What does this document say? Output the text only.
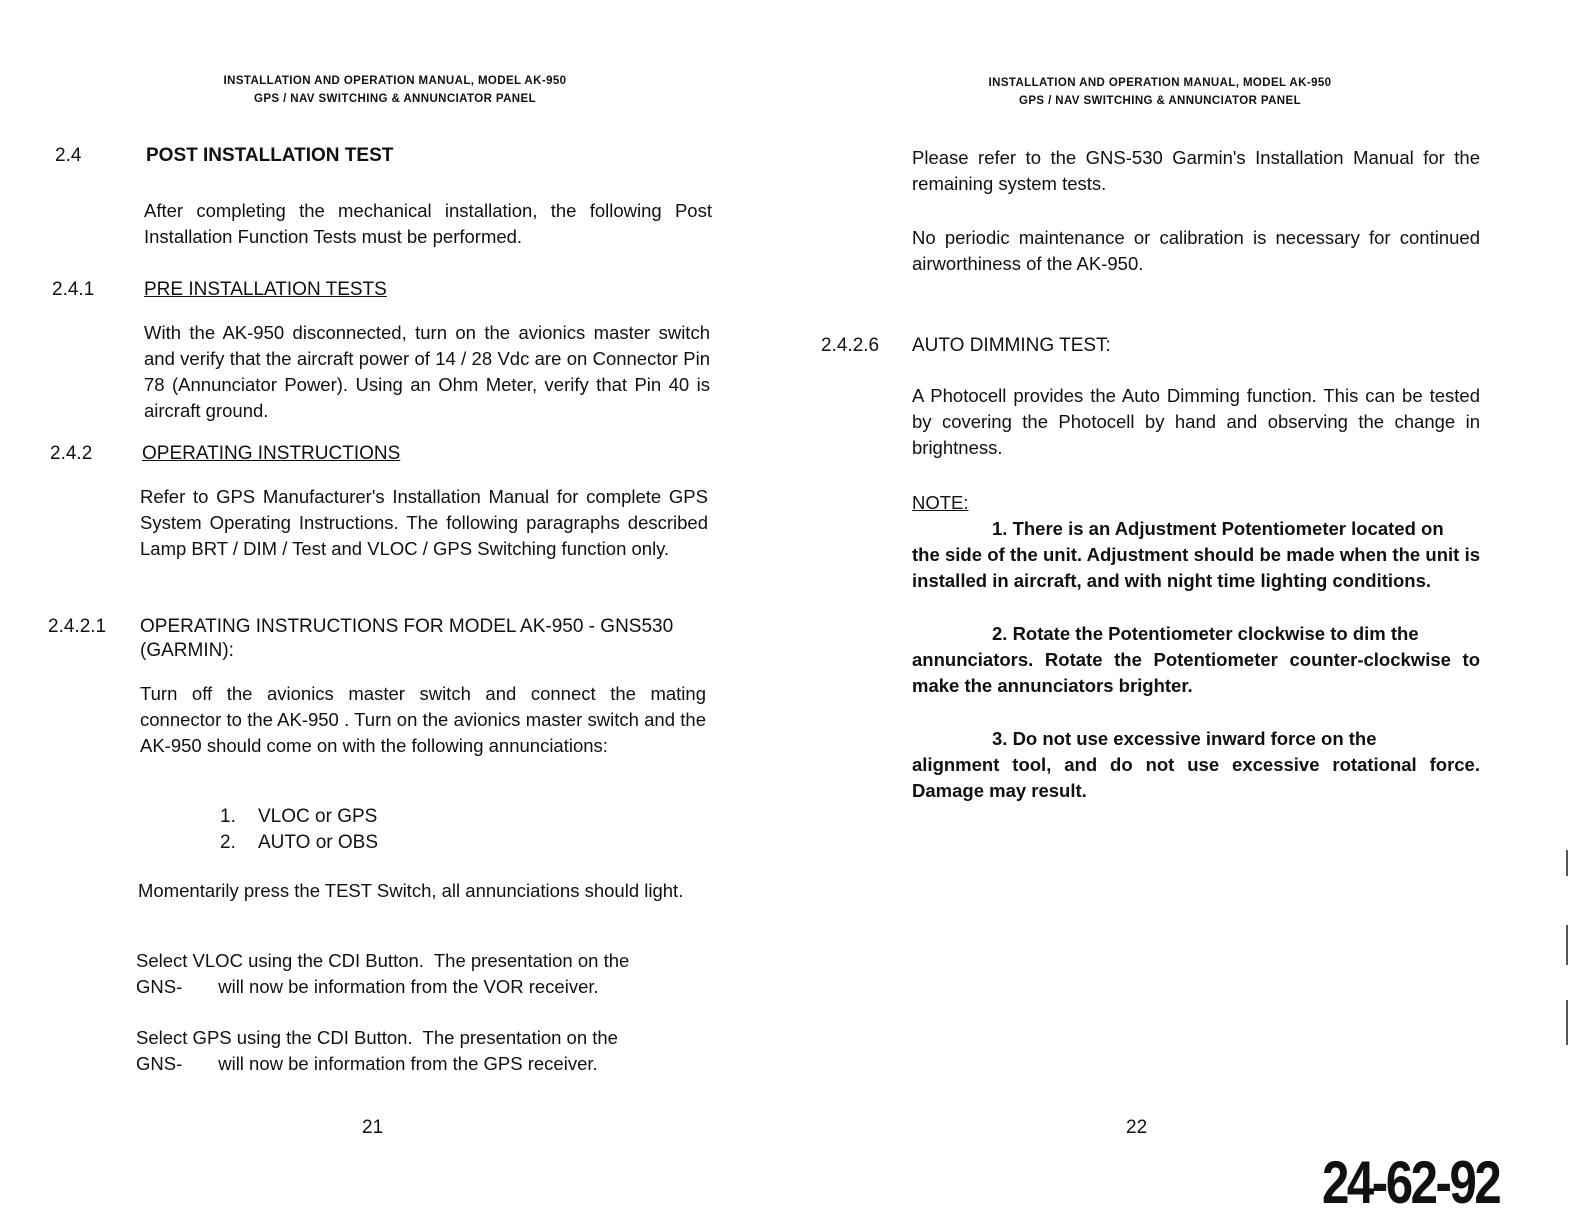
INSTALLATION AND OPERATION MANUAL, MODEL AK-950
GPS / NAV SWITCHING & ANNUNCIATOR PANEL
2.4	POST INSTALLATION TEST
After completing the mechanical installation, the following Post Installation Function Tests must be performed.
2.4.1	PRE INSTALLATION TESTS
With the AK-950 disconnected, turn on the avionics master switch and verify that the aircraft power of 14 / 28 Vdc are on Connector Pin 78 (Annunciator Power). Using an Ohm Meter, verify that Pin 40 is aircraft ground.
2.4.2	OPERATING INSTRUCTIONS
Refer to GPS Manufacturer's Installation Manual for complete GPS System Operating Instructions. The following paragraphs described Lamp BRT / DIM / Test and VLOC / GPS Switching function only.
2.4.2.1 OPERATING INSTRUCTIONS FOR MODEL AK-950 - GNS530
(GARMIN):
Turn off the avionics master switch and connect the mating connector to the AK-950 . Turn on the avionics master switch and the AK-950 should come on with the following annunciations:
1. VLOC or GPS
2. AUTO or OBS
Momentarily press the TEST Switch, all annunciations should light.
Select VLOC using the CDI Button.  The presentation on the
GNS-       will now be information from the VOR receiver.
Select GPS using the CDI Button.  The presentation on the
GNS-       will now be information from the GPS receiver.
21
INSTALLATION AND OPERATION MANUAL, MODEL AK-950
GPS / NAV SWITCHING & ANNUNCIATOR PANEL
Please refer to the GNS-530 Garmin's Installation Manual for the remaining system tests.
No periodic maintenance or calibration is necessary for continued airworthiness of the AK-950.
2.4.2.6 AUTO DIMMING TEST:
A Photocell provides the Auto Dimming function. This can be tested by covering the Photocell by hand and observing the change in brightness.
NOTE:
1. There is an Adjustment Potentiometer located on
the side of the unit. Adjustment should be made when the unit is installed in aircraft, and with night time lighting conditions.
2. Rotate the Potentiometer clockwise to dim the
annunciators. Rotate the Potentiometer counter-clockwise to make the annunciators brighter.
3. Do not use excessive inward force on the
alignment tool, and do not use excessive rotational force. Damage may result.
22
24-62-92
